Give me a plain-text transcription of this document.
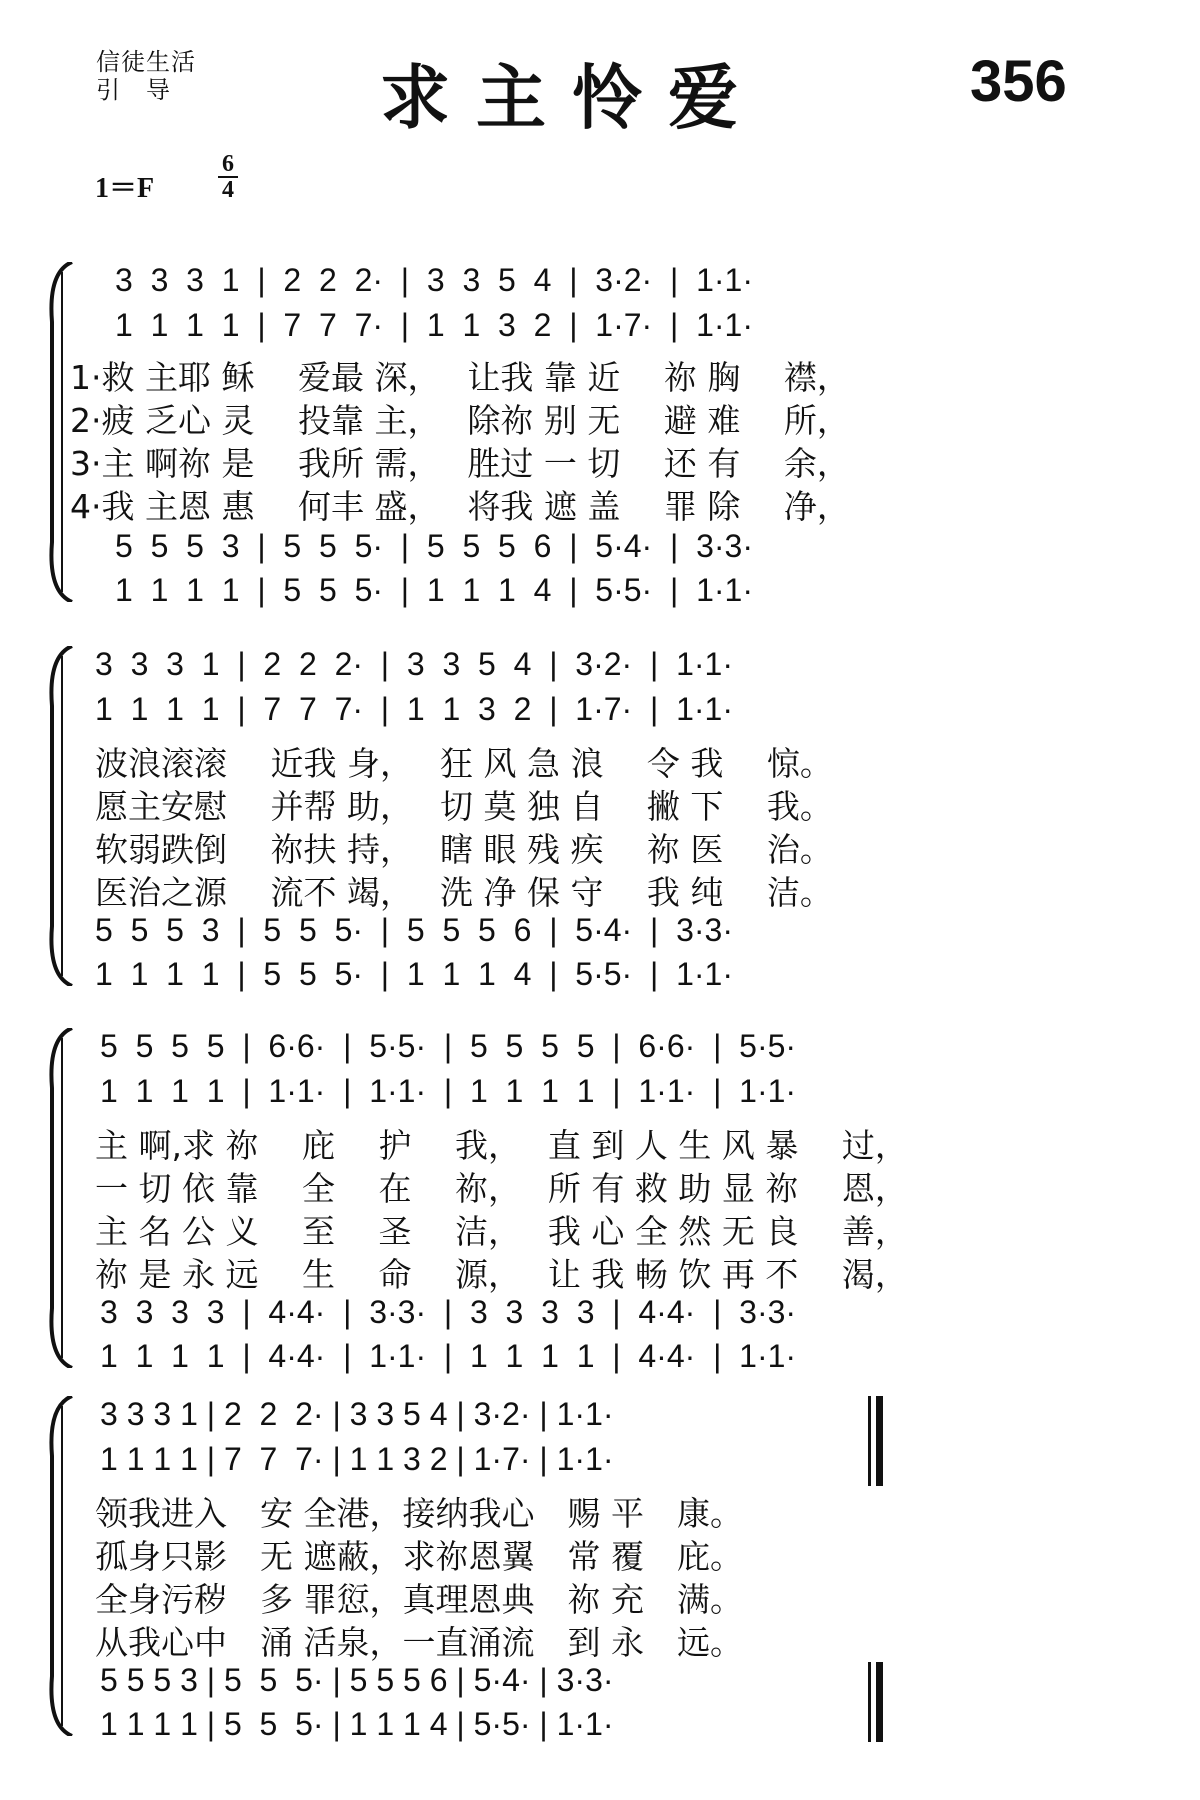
信徒生活
引　导	求主怜爱	356
1＝F
6
4
3  3  3  1  |  2  2  2·  |  3  3  5  4  |  3·2·  |  1·1·
1  1  1  1  |  7  7  7·  |  1  1  3  2  |  1·7·  |  1·1·
1·救 主耶 稣　 爱最 深，　 让我 靠 近　 祢 胸　 襟，
2·疲 乏心 灵　 投靠 主，　 除祢 别 无　 避 难　 所，
3·主 啊祢 是　 我所 需，　 胜过 一 切　 还 有　 余，
4·我 主恩 惠　 何丰 盛，　 将我 遮 盖　 罪 除　 净，
5  5  5  3  |  5  5  5·  |  5  5  5  6  |  5·4·  |  3·3·
1  1  1  1  |  5  5  5·  |  1  1  1  4  |  5·5·  |  1·1·
3  3  3  1  |  2  2  2·  |  3  3  5  4  |  3·2·  |  1·1·
1  1  1  1  |  7  7  7·  |  1  1  3  2  |  1·7·  |  1·1·
波浪滚滚　 近我 身，　 狂 风 急 浪　 令 我　 惊。
愿主安慰　 并帮 助，　 切 莫 独 自　 撇 下　 我。
软弱跌倒　 祢扶 持，　 瞎 眼 残 疾　 祢 医　 治。
医治之源　 流不 竭，　 洗 净 保 守　 我 纯　 洁。
5  5  5  3  |  5  5  5·  |  5  5  5  6  |  5·4·  |  3·3·
1  1  1  1  |  5  5  5·  |  1  1  1  4  |  5·5·  |  1·1·
5  5  5  5  |  6·6·  |  5·5·  |  5  5  5  5  |  6·6·  |  5·5·
1  1  1  1  |  1·1·  |  1·1·  |  1  1  1  1  |  1·1·  |  1·1·
主 啊,求 祢　 庇　 护　 我，　 直 到 人 生 风 暴　 过，
一 切 依 靠　 全　 在　 祢，　 所 有 救 助 显 祢　 恩，
主 名 公 义　 至　 圣　 洁，　 我 心 全 然 无 良　 善，
祢 是 永 远　 生　 命　 源，　 让 我 畅 饮 再 不　 渴，
3  3  3  3  |  4·4·  |  3·3·  |  3  3  3  3  |  4·4·  |  3·3·
1  1  1  1  |  4·4·  |  1·1·  |  1  1  1  1  |  4·4·  |  1·1·
3 3 3 1 | 2  2  2· | 3 3 5 4 | 3·2· | 1·1·
1 1 1 1 | 7  7  7· | 1 1 3 2 | 1·7· | 1·1·
领我进入　安 全港，接纳我心　赐 平　康。
孤身只影　无 遮蔽，求祢恩翼　常 覆　庇。
全身污秽　多 罪愆，真理恩典　祢 充　满。
从我心中　涌 活泉，一直涌流　到 永　远。
5 5 5 3 | 5  5  5· | 5 5 5 6 | 5·4· | 3·3·
1 1 1 1 | 5  5  5· | 1 1 1 4 | 5·5· | 1·1·
